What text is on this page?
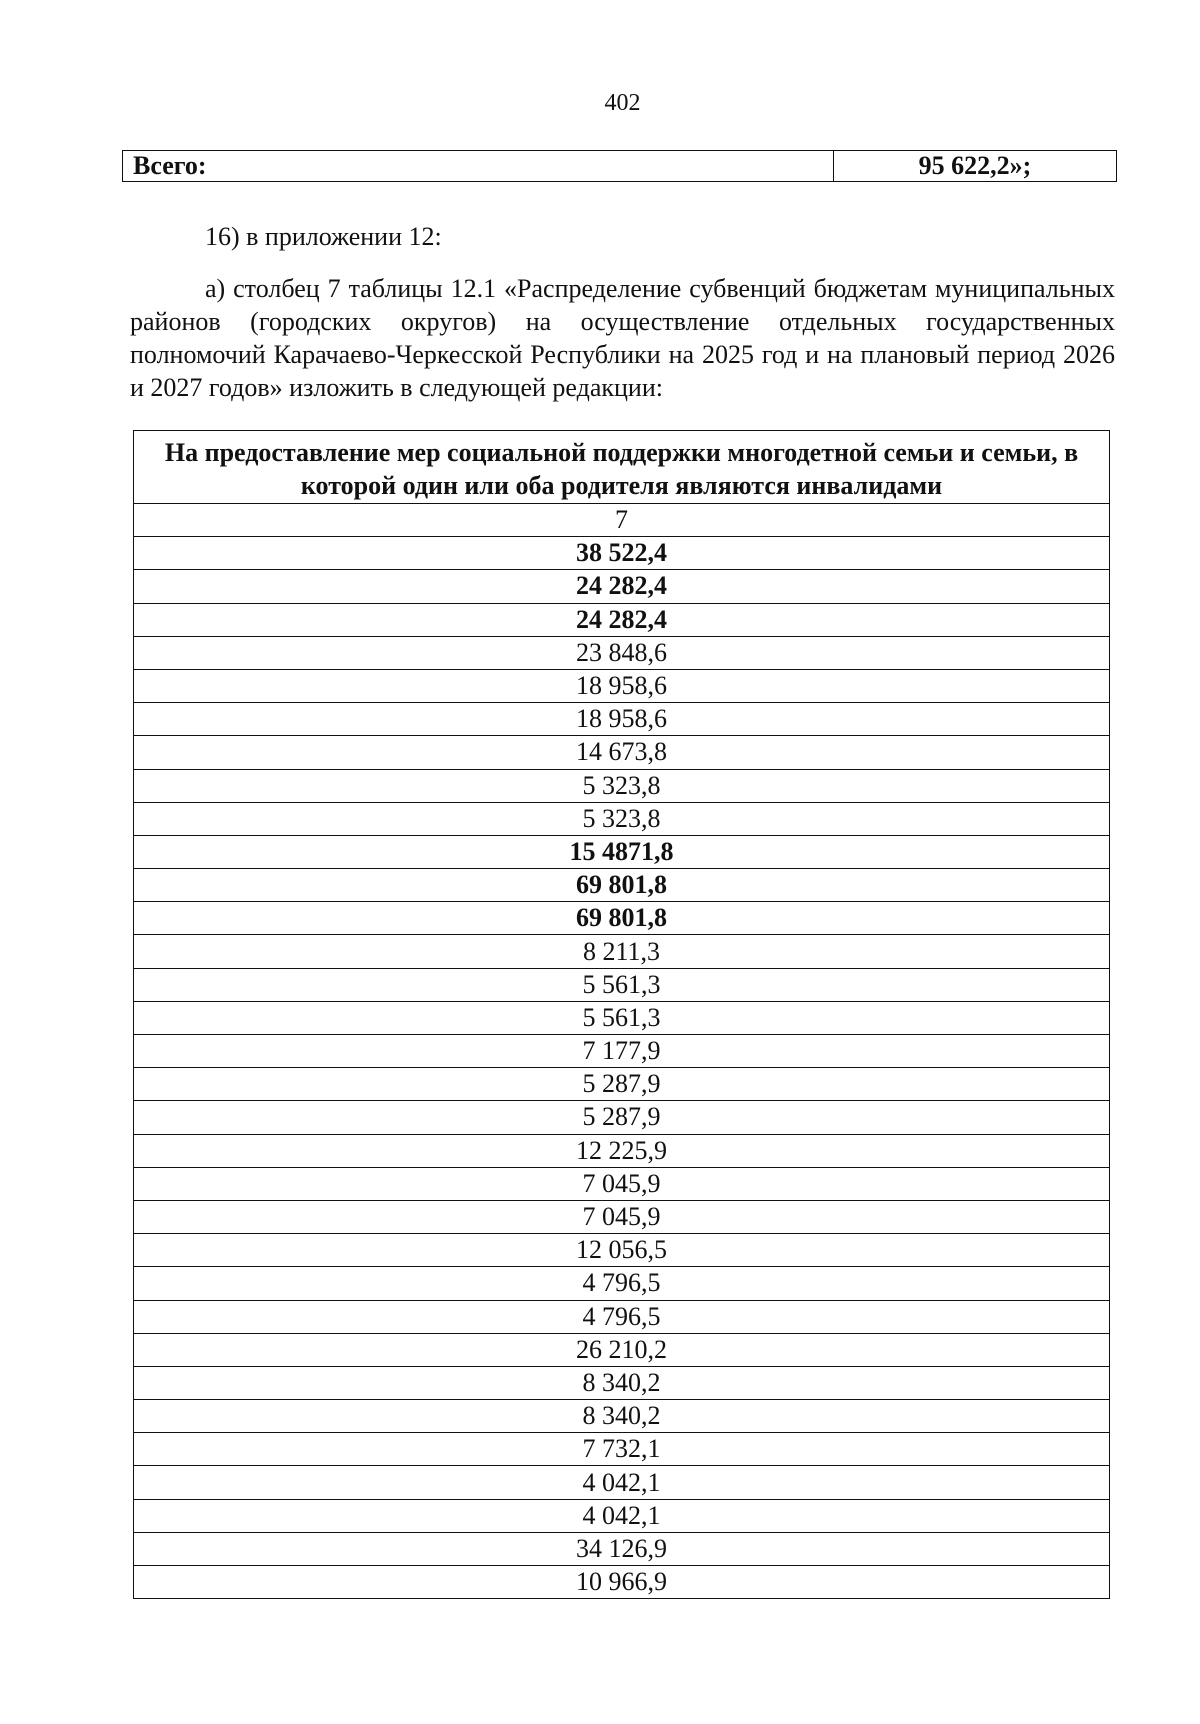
402
Всего:	95 622,2»;
16) в приложении 12:
а) столбец 7 таблицы 12.1 «Распределение субвенций бюджетам муниципальных районов (городских округов) на осуществление отдельных государственных полномочий Карачаево-Черкесской Республики на 2025 год и на плановый период 2026 и 2027 годов» изложить в следующей редакции:
На предоставление мер социальной поддержки многодетной семьи и семьи, в которой один или оба родителя являются инвалидами
7
38 522,4
24 282,4
24 282,4
23 848,6
18 958,6
18 958,6
14 673,8
5 323,8
5 323,8
15 4871,8
69 801,8
69 801,8
8 211,3
5 561,3
5 561,3
7 177,9
5 287,9
5 287,9
12 225,9
7 045,9
7 045,9
12 056,5
4 796,5
4 796,5
26 210,2
8 340,2
8 340,2
7 732,1
4 042,1
4 042,1
34 126,9
10 966,9
